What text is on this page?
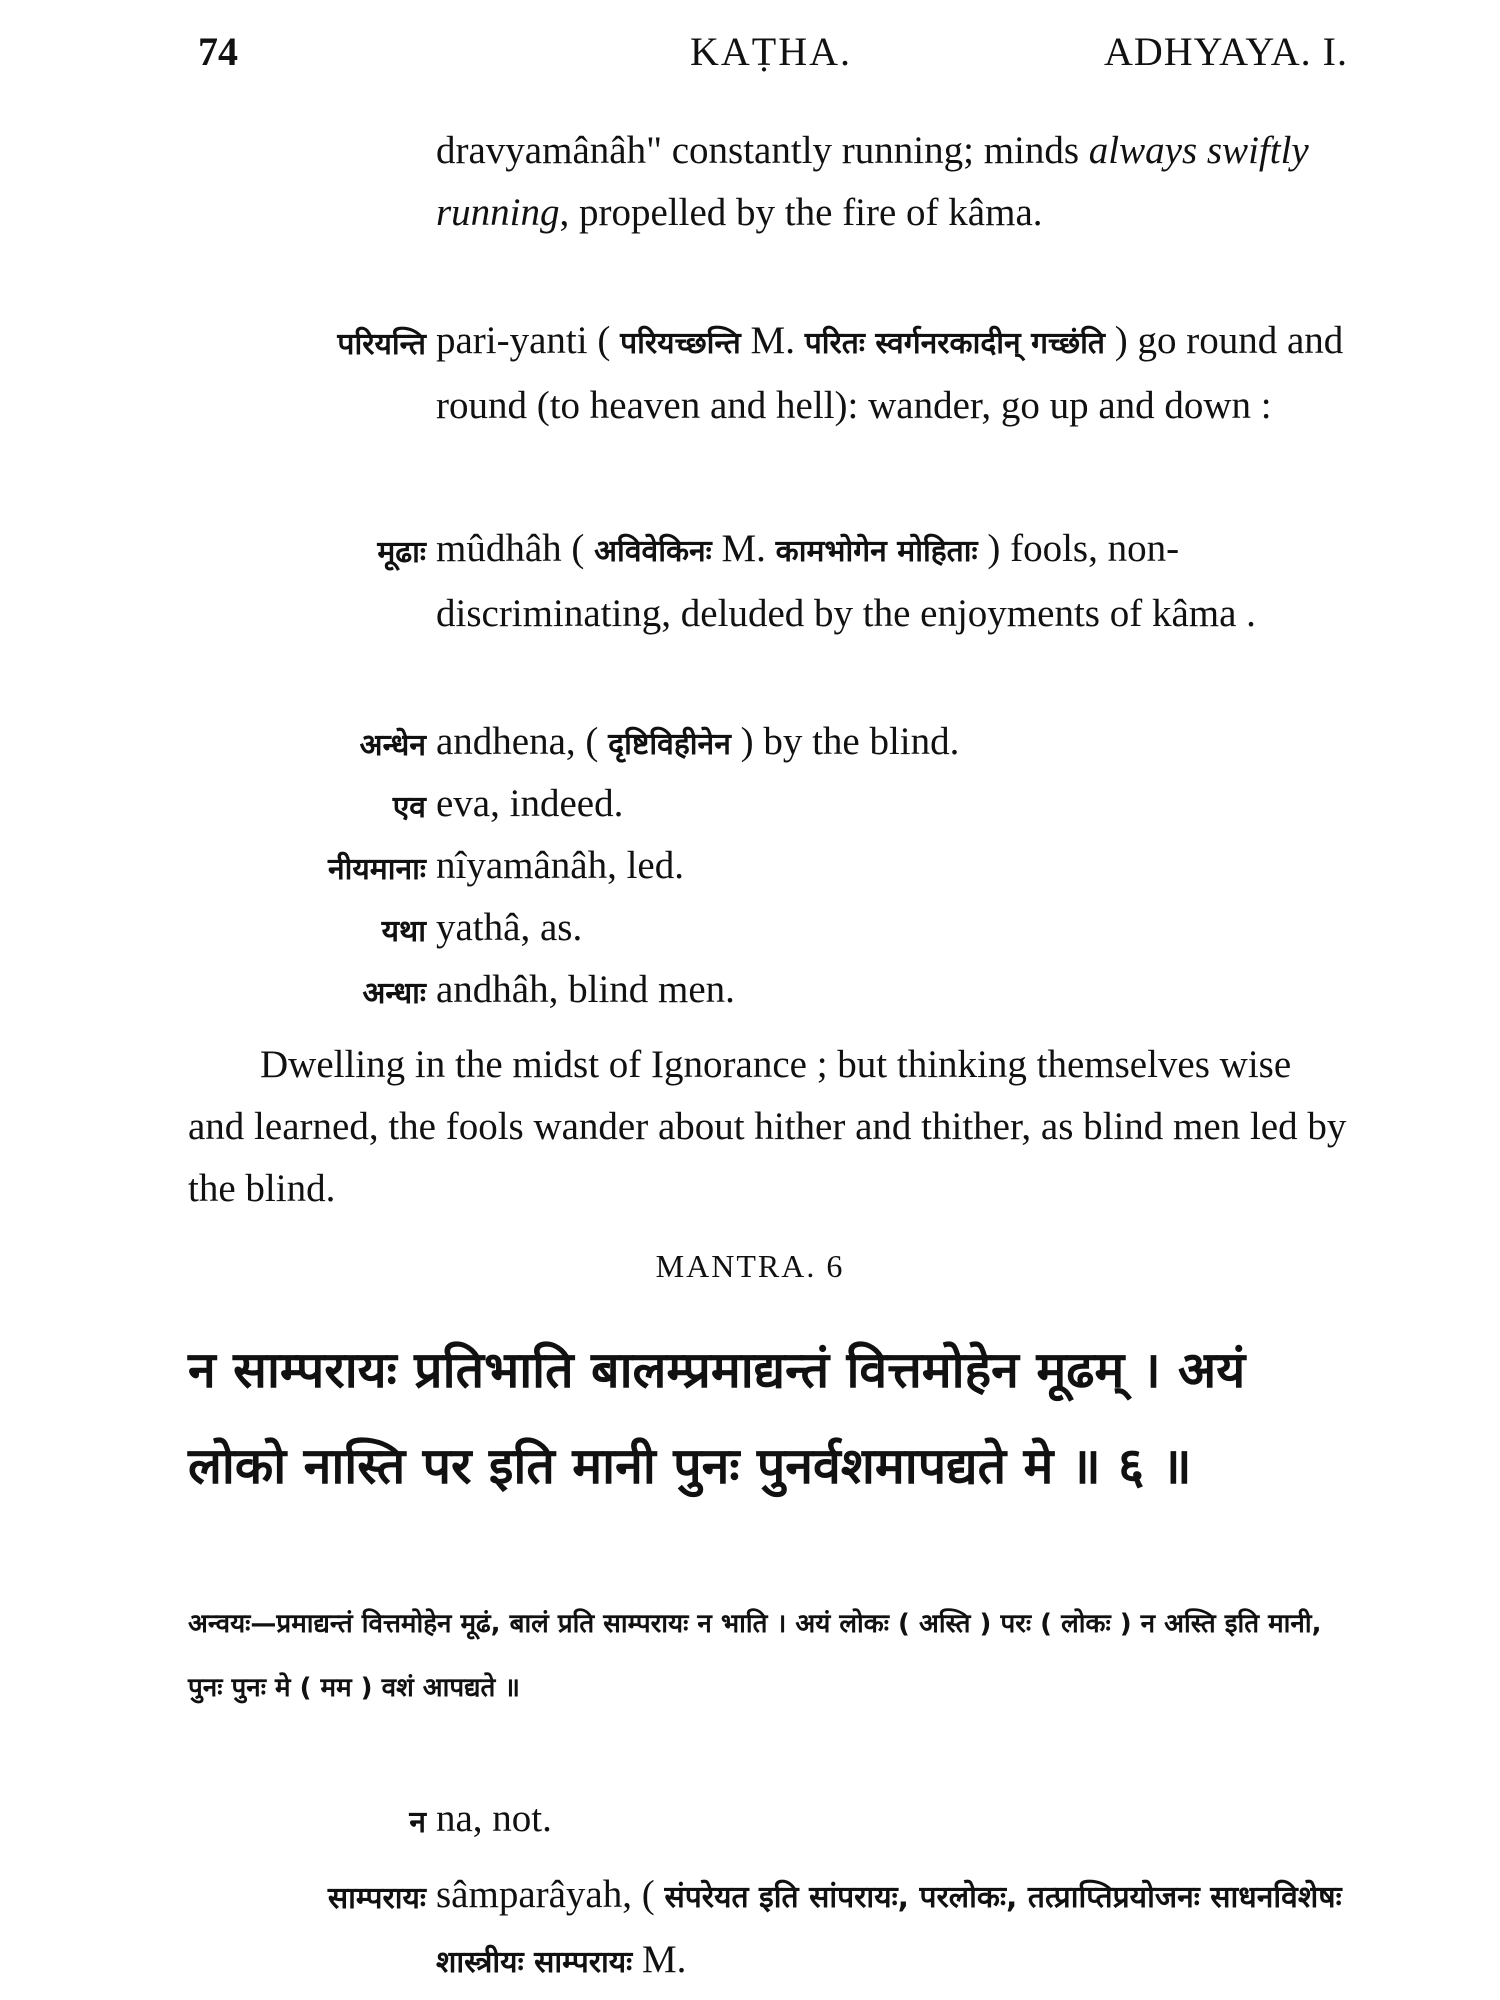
74	KAṬHA.	ADHYAYA. I.
dravyamânâh" constantly running; minds always swiftly running, propelled by the fire of kâma.
परियन्ति pari-yanti ( परियच्छन्ति M. परितः स्वर्गनरकादीन् गच्छंति ) go round and round (to heaven and hell): wander, go up and down :
मूढाः mûdhâh ( अविवेकिनः M. कामभोगेन मोहिताः ) fools, non-discriminating, deluded by the enjoyments of kâma .
अन्धेन andhena, ( दृष्टिविहीनेन ) by the blind.
एव eva, indeed.
नीयमानाः nîyamânâh, led.
यथा yathâ, as.
अन्धाः andhâh, blind men.
Dwelling in the midst of Ignorance ; but thinking themselves wise and learned, the fools wander about hither and thither, as blind men led by the blind.
MANTRA. 6
न साम्परायः प्रतिभाति बालम्प्रमाद्यन्तं वित्तमोहेन मूढम् । अयं लोको नास्ति पर इति मानी पुनः पुनर्वशमापद्यते मे ॥ ६ ॥
अन्वयः—प्रमाद्यन्तं वित्तमोहेन मूढं, बालं प्रति साम्परायः न भाति । अयं लोकः ( अस्ति ) परः ( लोकः ) न अस्ति इति मानी, पुनः पुनः मे ( मम ) वशं आपद्यते ॥
न na, not.
साम्परायः sâmparâyah, ( संपरेयत इति सांपरायः, परलोकः, तत्प्राप्तिप्रयोजनः साधनविशेषः शास्त्रीयः साम्परायः M.
